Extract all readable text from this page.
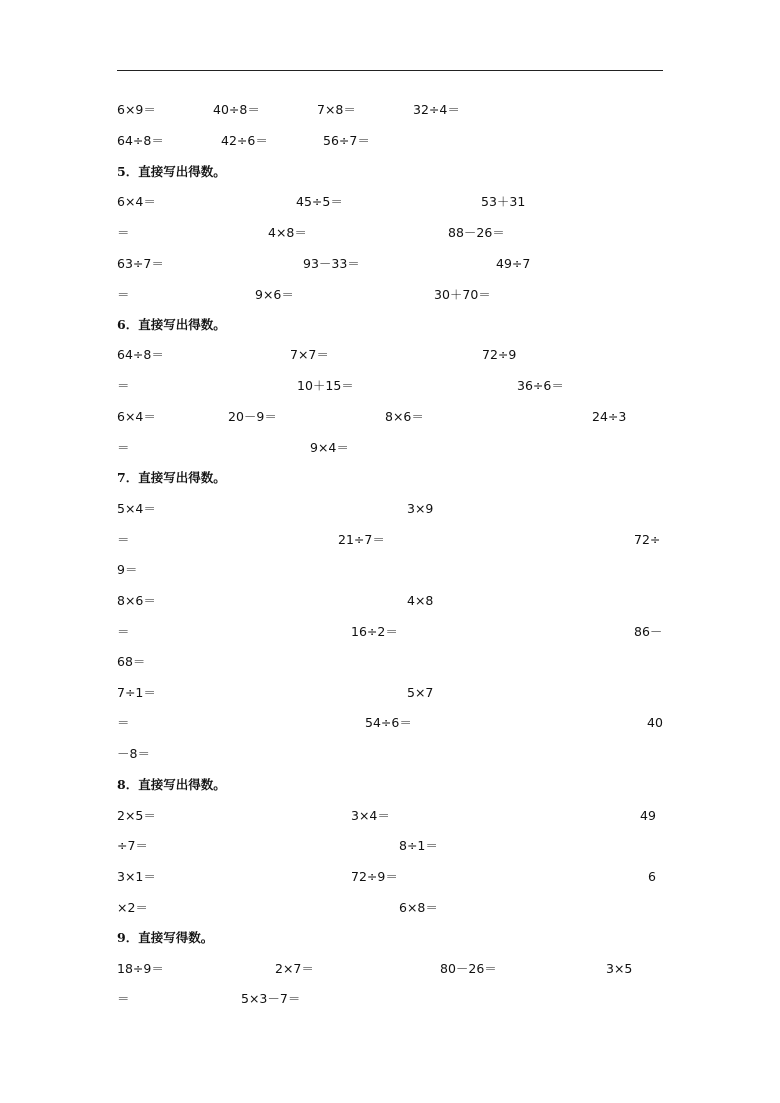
6×9＝	40÷8＝	7×8＝	32÷4＝
64÷8＝	42÷6＝	56÷7＝
5．直接写出得数。
6×4＝	45÷5＝	53＋31
＝	4×8＝	88－26＝
63÷7＝	93－33＝	49÷7
＝	9×6＝	30＋70＝
6．直接写出得数。
64÷8＝	7×7＝	72÷9
＝	10＋15＝	36÷6＝
6×4＝	20－9＝	8×6＝	24÷3
＝	9×4＝
7．直接写出得数。
5×4＝	3×9
＝	21÷7＝	72÷
9＝
8×6＝	4×8
＝	16÷2＝	86－
68＝
7÷1＝	5×7
＝	54÷6＝	40
－8＝
8．直接写出得数。
2×5＝	3×4＝	49
÷7＝	8÷1＝
3×1＝	72÷9＝	6
×2＝	6×8＝
9．直接写得数。
18÷9＝	2×7＝	80－26＝	3×5
＝	5×3－7＝
